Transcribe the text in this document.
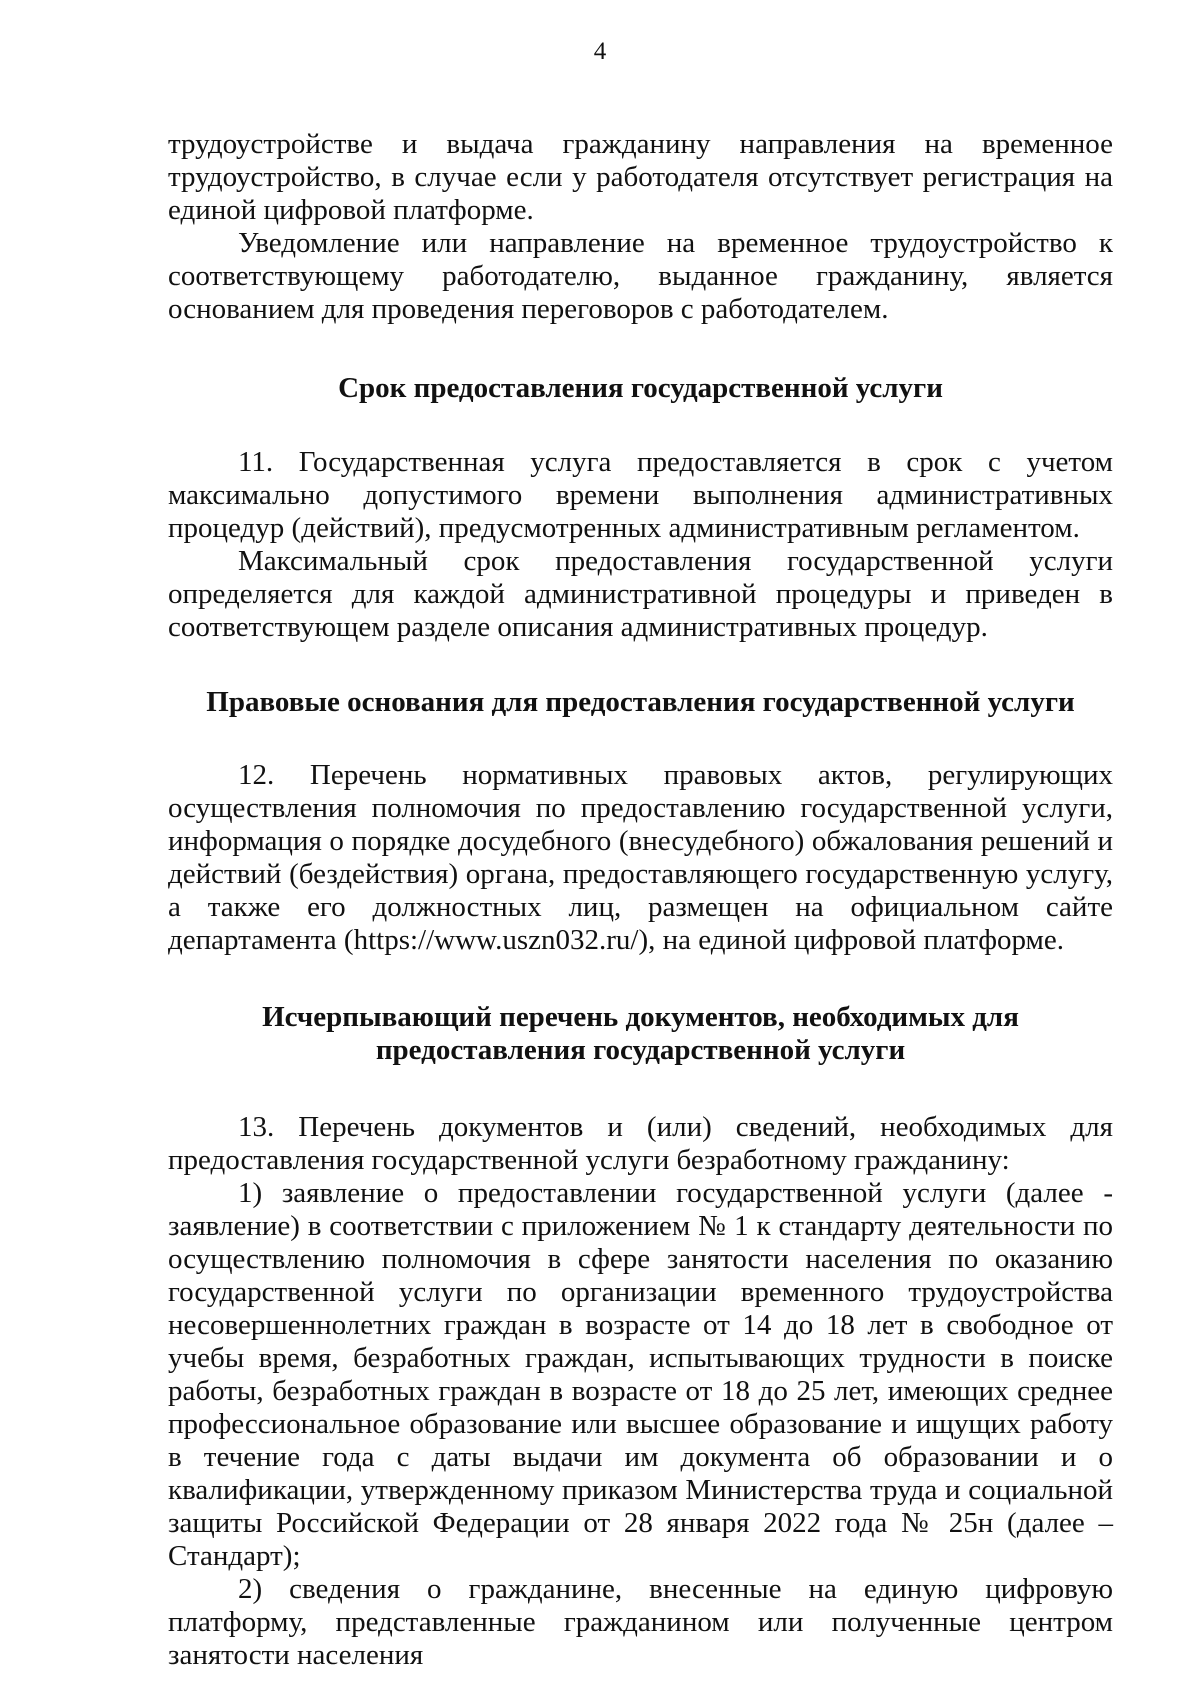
4

трудоустройстве и выдача гражданину направления на временное трудоустройство, в случае если у работодателя отсутствует регистрация на единой цифровой платформе.

Уведомление или направление на временное трудоустройство к соответствующему работодателю, выданное гражданину, является основанием для проведения переговоров с работодателем.

Срок предоставления государственной услуги

11. Государственная услуга предоставляется в срок с учетом максимально допустимого времени выполнения административных процедур (действий), предусмотренных административным регламентом.

Максимальный срок предоставления государственной услуги определяется для каждой административной процедуры и приведен в соответствующем разделе описания административных процедур.

Правовые основания для предоставления государственной услуги

12. Перечень нормативных правовых актов, регулирующих осуществления полномочия по предоставлению государственной услуги, информация о порядке досудебного (внесудебного) обжалования решений и действий (бездействия) органа, предоставляющего государственную услугу, а также его должностных лиц, размещен на официальном сайте департамента (https://www.uszn032.ru/), на единой цифровой платформе.

Исчерпывающий перечень документов, необходимых для
предоставления государственной услуги

13. Перечень документов и (или) сведений, необходимых для предоставления государственной услуги безработному гражданину:

1) заявление о предоставлении государственной услуги (далее - заявление) в соответствии с приложением № 1 к стандарту деятельности по осуществлению полномочия в сфере занятости населения по оказанию государственной услуги по организации временного трудоустройства несовершеннолетних граждан в возрасте от 14 до 18 лет в свободное от учебы время, безработных граждан, испытывающих трудности в поиске работы, безработных граждан в возрасте от 18 до 25 лет, имеющих среднее профессиональное образование или высшее образование и ищущих работу в течение года с даты выдачи им документа об образовании и о квалификации, утвержденному приказом Министерства труда и социальной защиты Российской Федерации от 28 января 2022 года № 25н (далее – Стандарт);

2) сведения о гражданине, внесенные на единую цифровую платформу, представленные гражданином или полученные центром занятости населения
